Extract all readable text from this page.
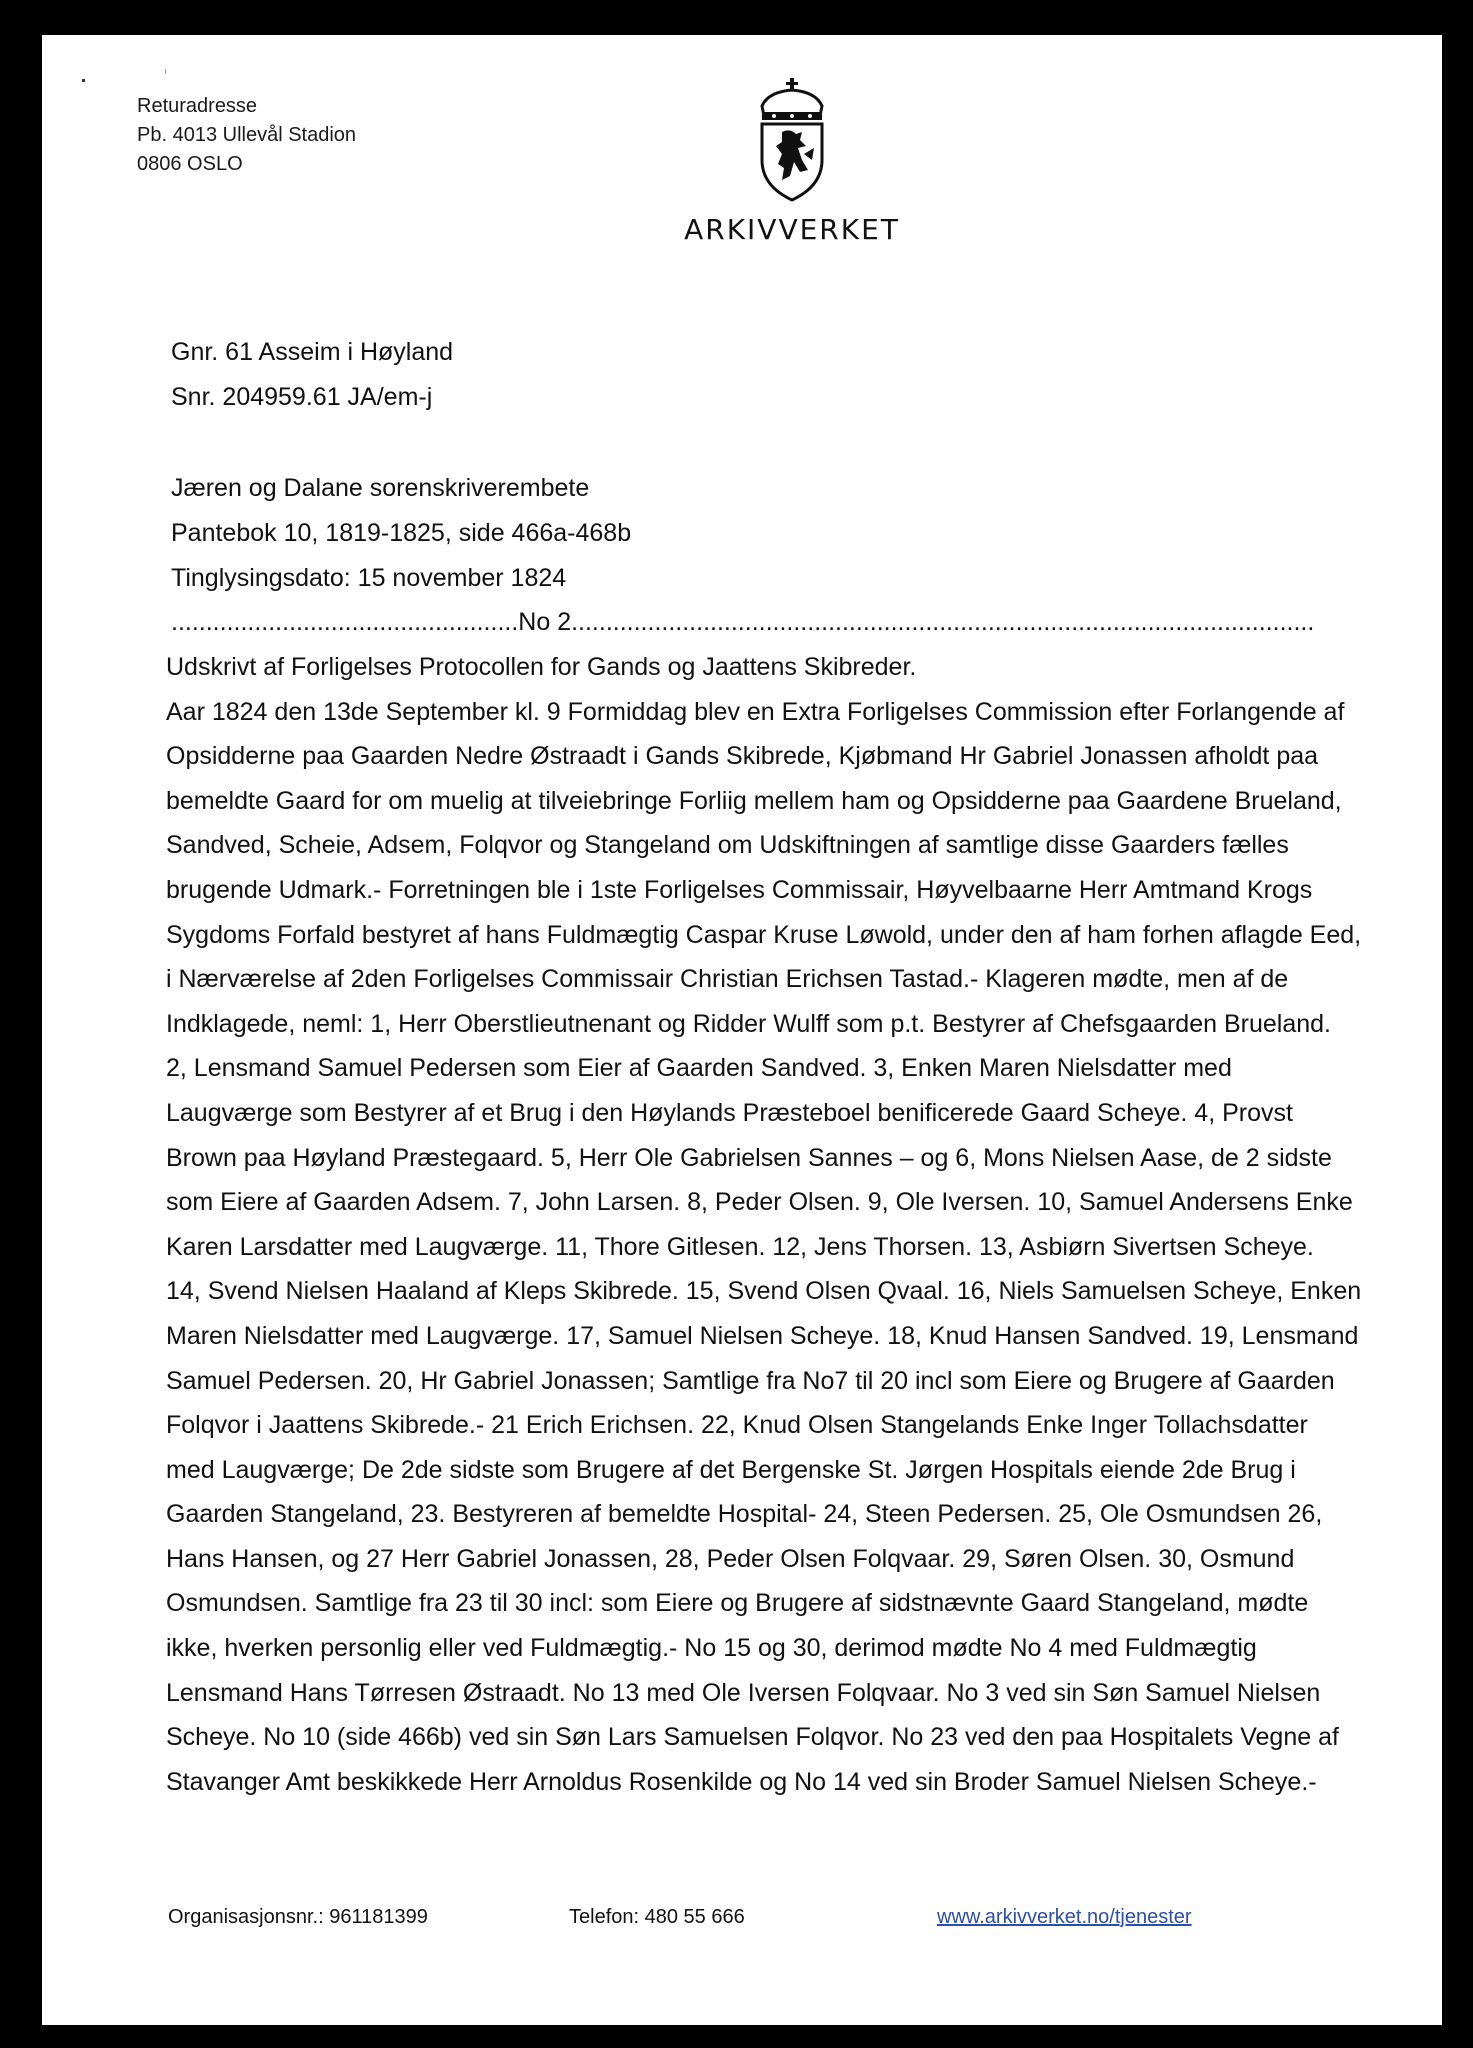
Returadresse
Pb. 4013 Ullevål Stadion
0806 OSLO
ARKIVVERKET
Gnr. 61 Asseim i Høyland
Snr. 204959.61 JA/em-j
Jæren og Dalane sorenskriverembete
Pantebok 10, 1819-1825, side 466a-468b
Tinglysingsdato: 15 november 1824
..................................................No 2...........................................................................................................
Udskrivt af Forligelses Protocollen for Gands og Jaattens Skibreder.
Aar 1824 den 13de September kl. 9 Formiddag blev en Extra Forligelses Commission efter Forlangende af
Opsidderne paa Gaarden Nedre Østraadt i Gands Skibrede, Kjøbmand Hr Gabriel Jonassen afholdt paa
bemeldte Gaard for om muelig at tilveiebringe Forliig mellem ham og Opsidderne paa Gaardene Brueland,
Sandved, Scheie, Adsem, Folqvor og Stangeland om Udskiftningen af samtlige disse Gaarders fælles
brugende Udmark.- Forretningen ble i 1ste Forligelses Commissair, Høyvelbaarne Herr Amtmand Krogs
Sygdoms Forfald bestyret af hans Fuldmægtig Caspar Kruse Løwold, under den af ham forhen aflagde Eed,
i Nærværelse af 2den Forligelses Commissair Christian Erichsen Tastad.- Klageren mødte, men af de
Indklagede, neml: 1, Herr Oberstlieutnenant og Ridder Wulff som p.t. Bestyrer af Chefsgaarden Brueland.
2, Lensmand Samuel Pedersen som Eier af Gaarden Sandved. 3, Enken Maren Nielsdatter med
Laugværge som Bestyrer af et Brug i den Høylands Præsteboel benificerede Gaard Scheye. 4, Provst
Brown paa Høyland Præstegaard. 5, Herr Ole Gabrielsen Sannes – og 6, Mons Nielsen Aase, de 2 sidste
som Eiere af Gaarden Adsem. 7, John Larsen. 8, Peder Olsen. 9, Ole Iversen. 10, Samuel Andersens Enke
Karen Larsdatter med Laugværge. 11, Thore Gitlesen. 12, Jens Thorsen. 13, Asbiørn Sivertsen Scheye.
14, Svend Nielsen Haaland af Kleps Skibrede. 15, Svend Olsen Qvaal. 16, Niels Samuelsen Scheye, Enken
Maren Nielsdatter med Laugværge. 17, Samuel Nielsen Scheye. 18, Knud Hansen Sandved. 19, Lensmand
Samuel Pedersen. 20, Hr Gabriel Jonassen; Samtlige fra No7 til 20 incl som Eiere og Brugere af Gaarden
Folqvor i Jaattens Skibrede.- 21 Erich Erichsen. 22, Knud Olsen Stangelands Enke Inger Tollachsdatter
med Laugværge; De 2de sidste som Brugere af det Bergenske St. Jørgen Hospitals eiende 2de Brug i
Gaarden Stangeland, 23. Bestyreren af bemeldte Hospital- 24, Steen Pedersen. 25, Ole Osmundsen 26,
Hans Hansen, og 27 Herr Gabriel Jonassen, 28, Peder Olsen Folqvaar. 29, Søren Olsen. 30, Osmund
Osmundsen. Samtlige fra 23 til 30 incl: som Eiere og Brugere af sidstnævnte Gaard Stangeland, mødte
ikke, hverken personlig eller ved Fuldmægtig.- No 15 og 30, derimod mødte No 4 med Fuldmægtig
Lensmand Hans Tørresen Østraadt. No 13 med Ole Iversen Folqvaar. No 3 ved sin Søn Samuel Nielsen
Scheye. No 10 (side 466b) ved sin Søn Lars Samuelsen Folqvor. No 23 ved den paa Hospitalets Vegne af
Stavanger Amt beskikkede Herr Arnoldus Rosenkilde og No 14 ved sin Broder Samuel Nielsen Scheye.-
Organisasjonsnr.: 961181399	Telefon: 480 55 666	www.arkivverket.no/tjenester
